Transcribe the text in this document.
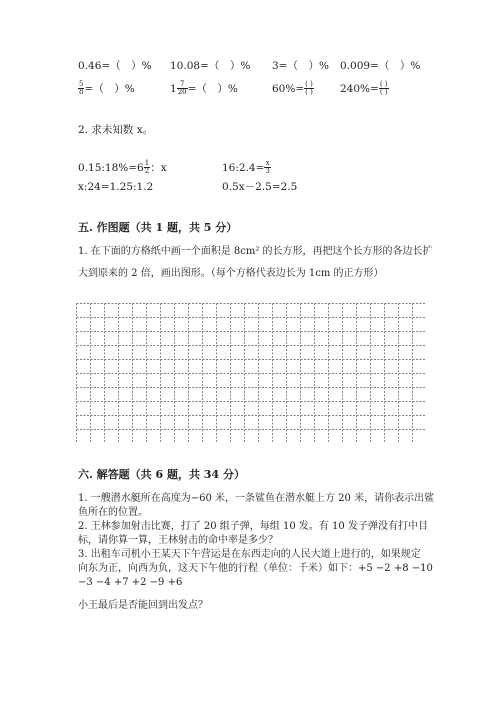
0.46=（　）% 10.08=（　）% 3=（　）% 0.009=（　）%
$\frac{5}{8}$ =（　）%	$1 \frac{7}{20}$ =（　）%	$60\%= \frac{( )}{( )} 240\%= \frac{( )}{( )}$
2. 求未知数 x。
0.15:18%=6 $\frac{1}{2}$ ：x	16:2.4= $\frac{x}{3}$
x:24=1.25:1.2	0.5x－2.5=2.5
五. 作图题（共 1 题，共 5 分）
1. 在下面的方格纸中画一个面积是 8cm² 的长方形，再把这个长方形的各边长扩
大到原来的 2 倍，画出图形。（每个方格代表边长为 1cm 的正方形）
六. 解答题（共 6 题，共 34 分）
1. 一艘潜水艇所在高度为−60 米，一条鲨鱼在潜水艇上方 20 米，请你表示出鲨
鱼所在的位置。
2. 王林参加射击比赛，打了 20 组子弹，每组 10 发。有 10 发子弹没有打中目
标，请你算一算，王林射击的命中率是多少？
3. 出租车司机小王某天下午营运是在东西走向的人民大道上进行的，如果规定
向东为正，向西为负，这天下午他的行程（单位：千米）如下：+5 −2 +8 −10
−3 −4 +7 +2 −9 +6
小王最后是否能回到出发点？
